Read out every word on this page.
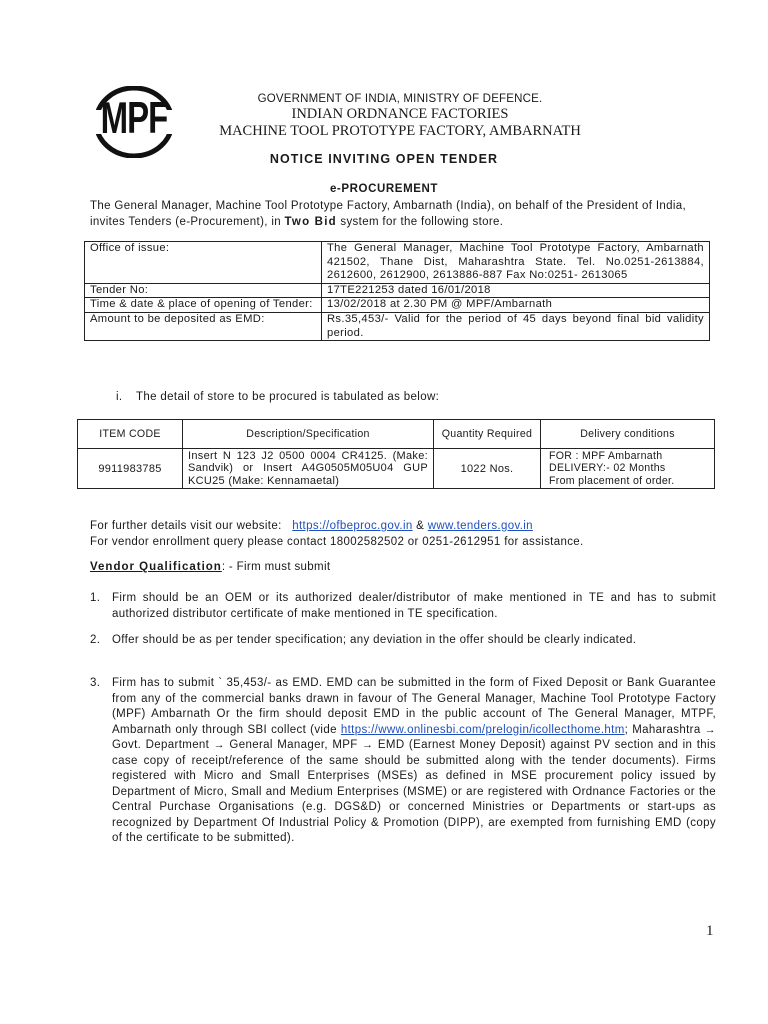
MPF	GOVERNMENT OF INDIA, MINISTRY OF DEFENCE.
INDIAN ORDNANCE FACTORIES
MACHINE TOOL PROTOTYPE FACTORY, AMBARNATH
NOTICE INVITING OPEN TENDER
e-PROCUREMENT
The General Manager, Machine Tool Prototype Factory, Ambarnath (India), on behalf of the President of India, invites Tenders (e-Procurement), in Two Bid system for the following store.
Office of issue:	The General Manager, Machine Tool Prototype Factory, Ambarnath 421502, Thane Dist, Maharashtra State. Tel. No.0251-2613884, 2612600, 2612900, 2613886-887 Fax No:0251- 2613065
Tender No:	17TE221253 dated 16/01/2018
Time & date & place of opening of Tender:	13/02/2018 at 2.30 PM @ MPF/Ambarnath
Amount to be deposited as EMD:	Rs.35,453/- Valid for the period of 45 days beyond final bid validity period.
i. The detail of store to be procured is tabulated as below:
ITEM CODE	Description/Specification	Quantity Required	Delivery conditions
9911983785	Insert N 123 J2 0500 0004 CR4125. (Make: Sandvik) or Insert A4G0505M05U04 GUP KCU25 (Make: Kennamaetal)	1022 Nos.	FOR : MPF Ambarnath
DELIVERY:- 02 Months
From placement of order.
For further details visit our website: https://ofbeproc.gov.in & www.tenders.gov.in
For vendor enrollment query please contact 18002582502 or 0251-2612951 for assistance.
Vendor Qualification: - Firm must submit
1. Firm should be an OEM or its authorized dealer/distributor of make mentioned in TE and has to submit authorized distributor certificate of make mentioned in TE specification.
2. Offer should be as per tender specification; any deviation in the offer should be clearly indicated.
3. Firm has to submit ` 35,453/- as EMD. EMD can be submitted in the form of Fixed Deposit or Bank Guarantee from any of the commercial banks drawn in favour of The General Manager, Machine Tool Prototype Factory (MPF) Ambarnath Or the firm should deposit EMD in the public account of The General Manager, MTPF, Ambarnath only through SBI collect (vide https://www.onlinesbi.com/prelogin/icollecthome.htm; Maharashtra → Govt. Department → General Manager, MPF → EMD (Earnest Money Deposit) against PV section and in this case copy of receipt/reference of the same should be submitted along with the tender documents). Firms registered with Micro and Small Enterprises (MSEs) as defined in MSE procurement policy issued by Department of Micro, Small and Medium Enterprises (MSME) or are registered with Ordnance Factories or the Central Purchase Organisations (e.g. DGS&D) or concerned Ministries or Departments or start-ups as recognized by Department Of Industrial Policy & Promotion (DIPP), are exempted from furnishing EMD (copy of the certificate to be submitted).
1
